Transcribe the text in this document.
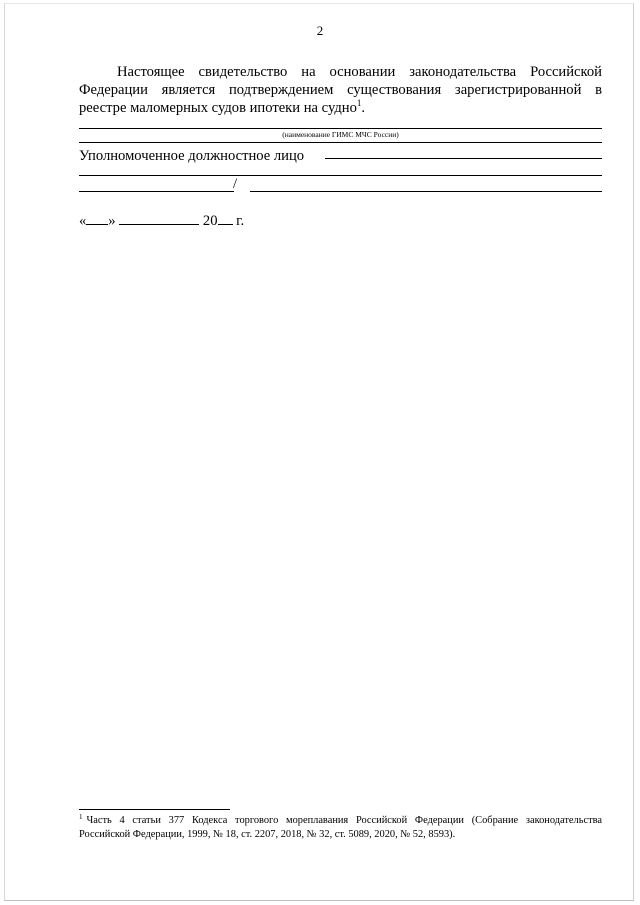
2
Настоящее свидетельство на основании законодательства Российской Федерации является подтверждением существования зарегистрированной в реестре маломерных судов ипотеки на судно$^1$.
(наименование ГИМС МЧС России)
Уполномоченное должностное лицо
/
« »	20 г.
$^1$ Часть 4 статьи 377 Кодекса торгового мореплавания Российской Федерации (Собрание законодательства Российской Федерации, 1999, № 18, ст. 2207, 2018, № 32, ст. 5089, 2020, № 52, 8593).
